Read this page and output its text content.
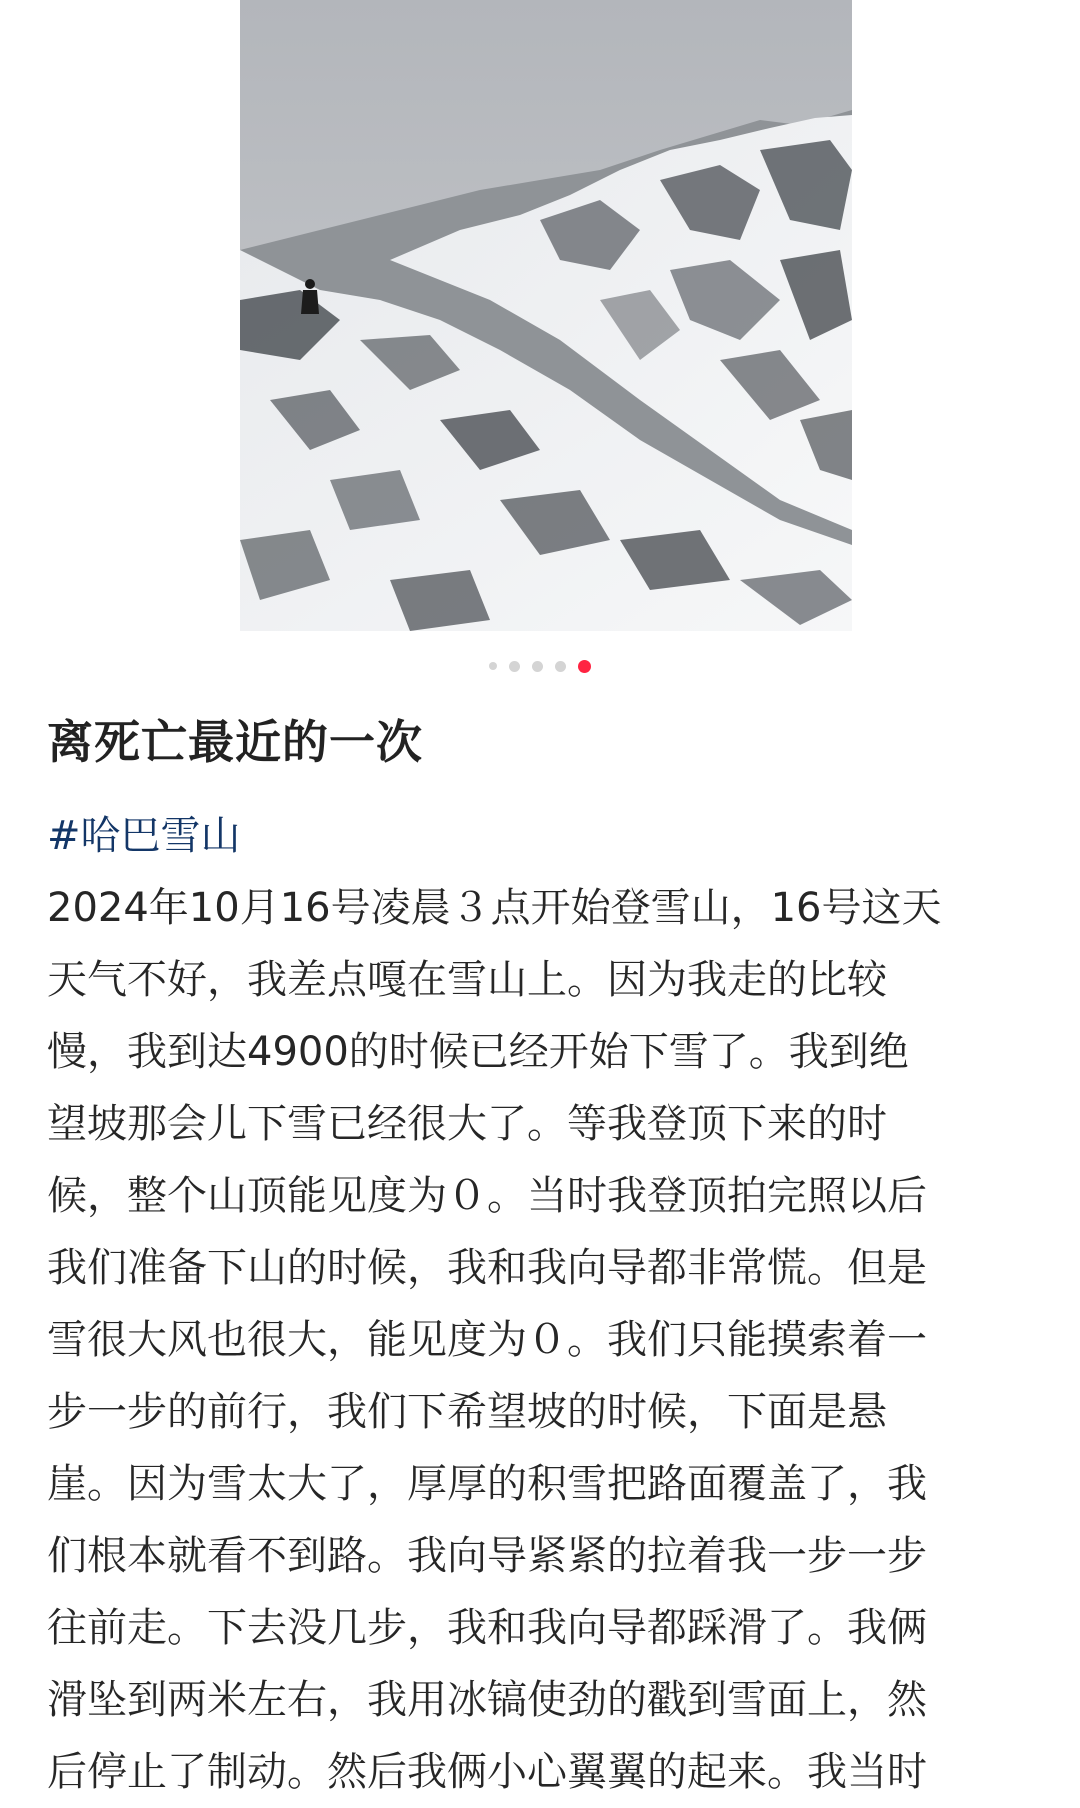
离死亡最近的一次
#哈巴雪山
2024年10月16号凌晨３点开始登雪山，16号这天
天气不好，我差点嘎在雪山上。因为我走的比较
慢，我到达4900的时候已经开始下雪了。我到绝
望坡那会儿下雪已经很大了。等我登顶下来的时
候，整个山顶能见度为０。当时我登顶拍完照以后
我们准备下山的时候，我和我向导都非常慌。但是
雪很大风也很大，能见度为０。我们只能摸索着一
步一步的前行，我们下希望坡的时候，下面是悬
崖。因为雪太大了，厚厚的积雪把路面覆盖了，我
们根本就看不到路。我向导紧紧的拉着我一步一步
往前走。下去没几步，我和我向导都踩滑了。我俩
滑坠到两米左右，我用冰镐使劲的戳到雪面上，然
后停止了制动。然后我俩小心翼翼的起来。我当时
